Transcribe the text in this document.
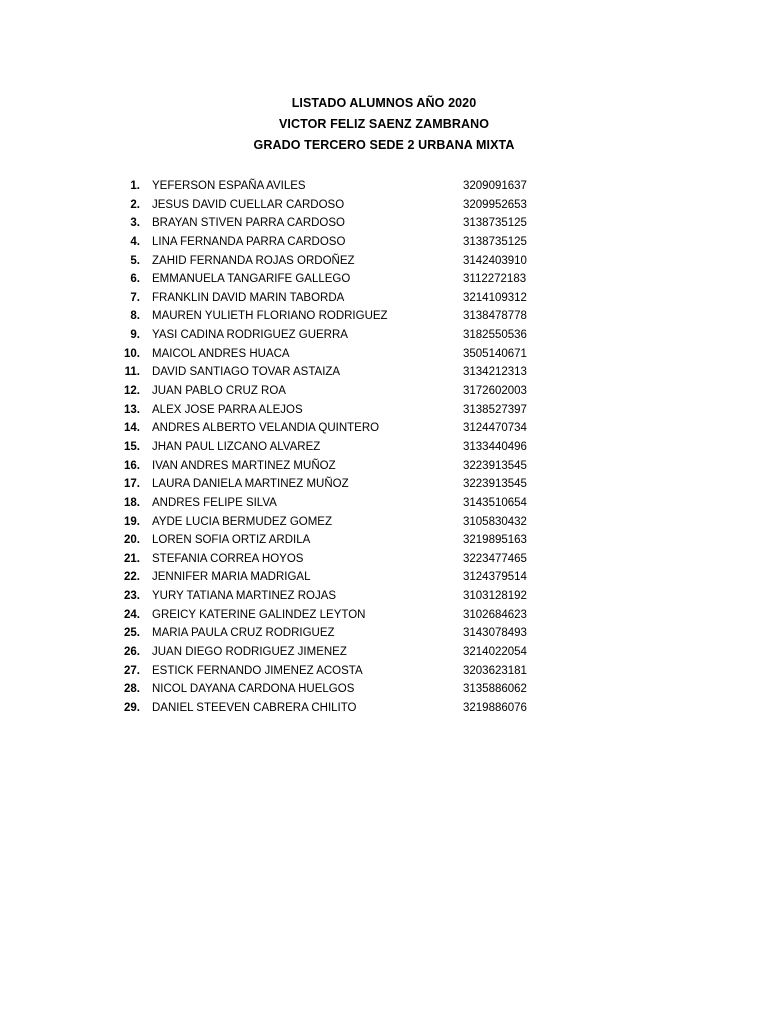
LISTADO ALUMNOS AÑO 2020
VICTOR FELIZ SAENZ ZAMBRANO
GRADO TERCERO SEDE 2 URBANA MIXTA
1. YEFERSON ESPAÑA AVILES	3209091637
2. JESUS DAVID CUELLAR CARDOSO	3209952653
3. BRAYAN STIVEN PARRA CARDOSO	3138735125
4. LINA FERNANDA PARRA CARDOSO	3138735125
5. ZAHID FERNANDA ROJAS ORDOÑEZ	3142403910
6. EMMANUELA TANGARIFE GALLEGO	3112272183
7. FRANKLIN DAVID MARIN TABORDA	3214109312
8. MAUREN YULIETH FLORIANO RODRIGUEZ	3138478778
9. YASI CADINA RODRIGUEZ GUERRA	3182550536
10. MAICOL ANDRES HUACA	3505140671
11. DAVID SANTIAGO TOVAR ASTAIZA	3134212313
12. JUAN PABLO CRUZ ROA	3172602003
13. ALEX JOSE PARRA ALEJOS	3138527397
14. ANDRES ALBERTO VELANDIA QUINTERO	3124470734
15. JHAN PAUL LIZCANO ALVAREZ	3133440496
16. IVAN ANDRES MARTINEZ MUÑOZ	3223913545
17. LAURA DANIELA MARTINEZ MUÑOZ	3223913545
18. ANDRES FELIPE SILVA	3143510654
19. AYDE LUCIA BERMUDEZ GOMEZ	3105830432
20. LOREN SOFIA ORTIZ ARDILA	3219895163
21. STEFANIA CORREA HOYOS	3223477465
22. JENNIFER MARIA MADRIGAL	3124379514
23. YURY TATIANA MARTINEZ ROJAS	3103128192
24. GREICY KATERINE GALINDEZ LEYTON	3102684623
25. MARIA PAULA CRUZ RODRIGUEZ	3143078493
26. JUAN DIEGO RODRIGUEZ JIMENEZ	3214022054
27. ESTICK FERNANDO JIMENEZ ACOSTA	3203623181
28. NICOL DAYANA CARDONA HUELGOS	3135886062
29. DANIEL STEEVEN CABRERA CHILITO	3219886076
